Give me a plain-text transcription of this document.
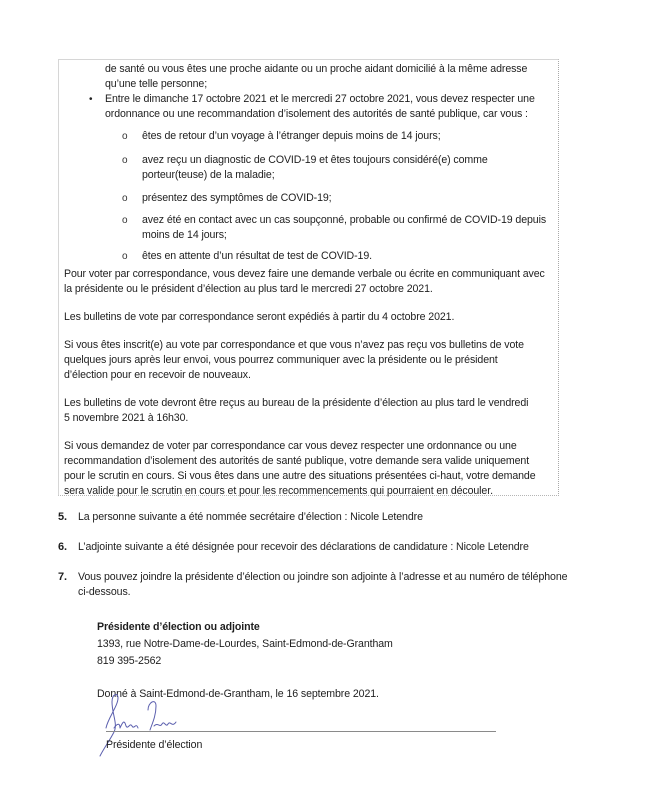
de santé ou vous êtes une proche aidante ou un proche aidant domicilié à la même adresse
qu’une telle personne;
• Entre le dimanche 17 octobre 2021 et le mercredi 27 octobre 2021, vous devez respecter une
ordonnance ou une recommandation d’isolement des autorités de santé publique, car vous :
o êtes de retour d’un voyage à l’étranger depuis moins de 14 jours;
o avez reçu un diagnostic de COVID-19 et êtes toujours considéré(e) comme
porteur(teuse) de la maladie;
o présentez des symptômes de COVID-19;
o avez été en contact avec un cas soupçonné, probable ou confirmé de COVID-19 depuis
moins de 14 jours;
o êtes en attente d’un résultat de test de COVID-19.
Pour voter par correspondance, vous devez faire une demande verbale ou écrite en communiquant avec
la présidente ou le président d’élection au plus tard le mercredi 27 octobre 2021.
Les bulletins de vote par correspondance seront expédiés à partir du 4 octobre 2021.
Si vous êtes inscrit(e) au vote par correspondance et que vous n’avez pas reçu vos bulletins de vote
quelques jours après leur envoi, vous pourrez communiquer avec la présidente ou le président
d’élection pour en recevoir de nouveaux.
Les bulletins de vote devront être reçus au bureau de la présidente d’élection au plus tard le vendredi
5 novembre 2021 à 16h30.
Si vous demandez de voter par correspondance car vous devez respecter une ordonnance ou une
recommandation d’isolement des autorités de santé publique, votre demande sera valide uniquement
pour le scrutin en cours. Si vous êtes dans une autre des situations présentées ci-haut, votre demande
sera valide pour le scrutin en cours et pour les recommencements qui pourraient en découler.
5. La personne suivante a été nommée secrétaire d’élection : Nicole Letendre
6. L’adjointe suivante a été désignée pour recevoir des déclarations de candidature : Nicole Letendre
7. Vous pouvez joindre la présidente d’élection ou joindre son adjointe à l’adresse et au numéro de téléphone
ci-dessous.
Présidente d’élection ou adjointe
1393, rue Notre-Dame-de-Lourdes, Saint-Edmond-de-Grantham
819 395-2562
Donné à Saint-Edmond-de-Grantham, le 16 septembre 2021.
Présidente d’élection
